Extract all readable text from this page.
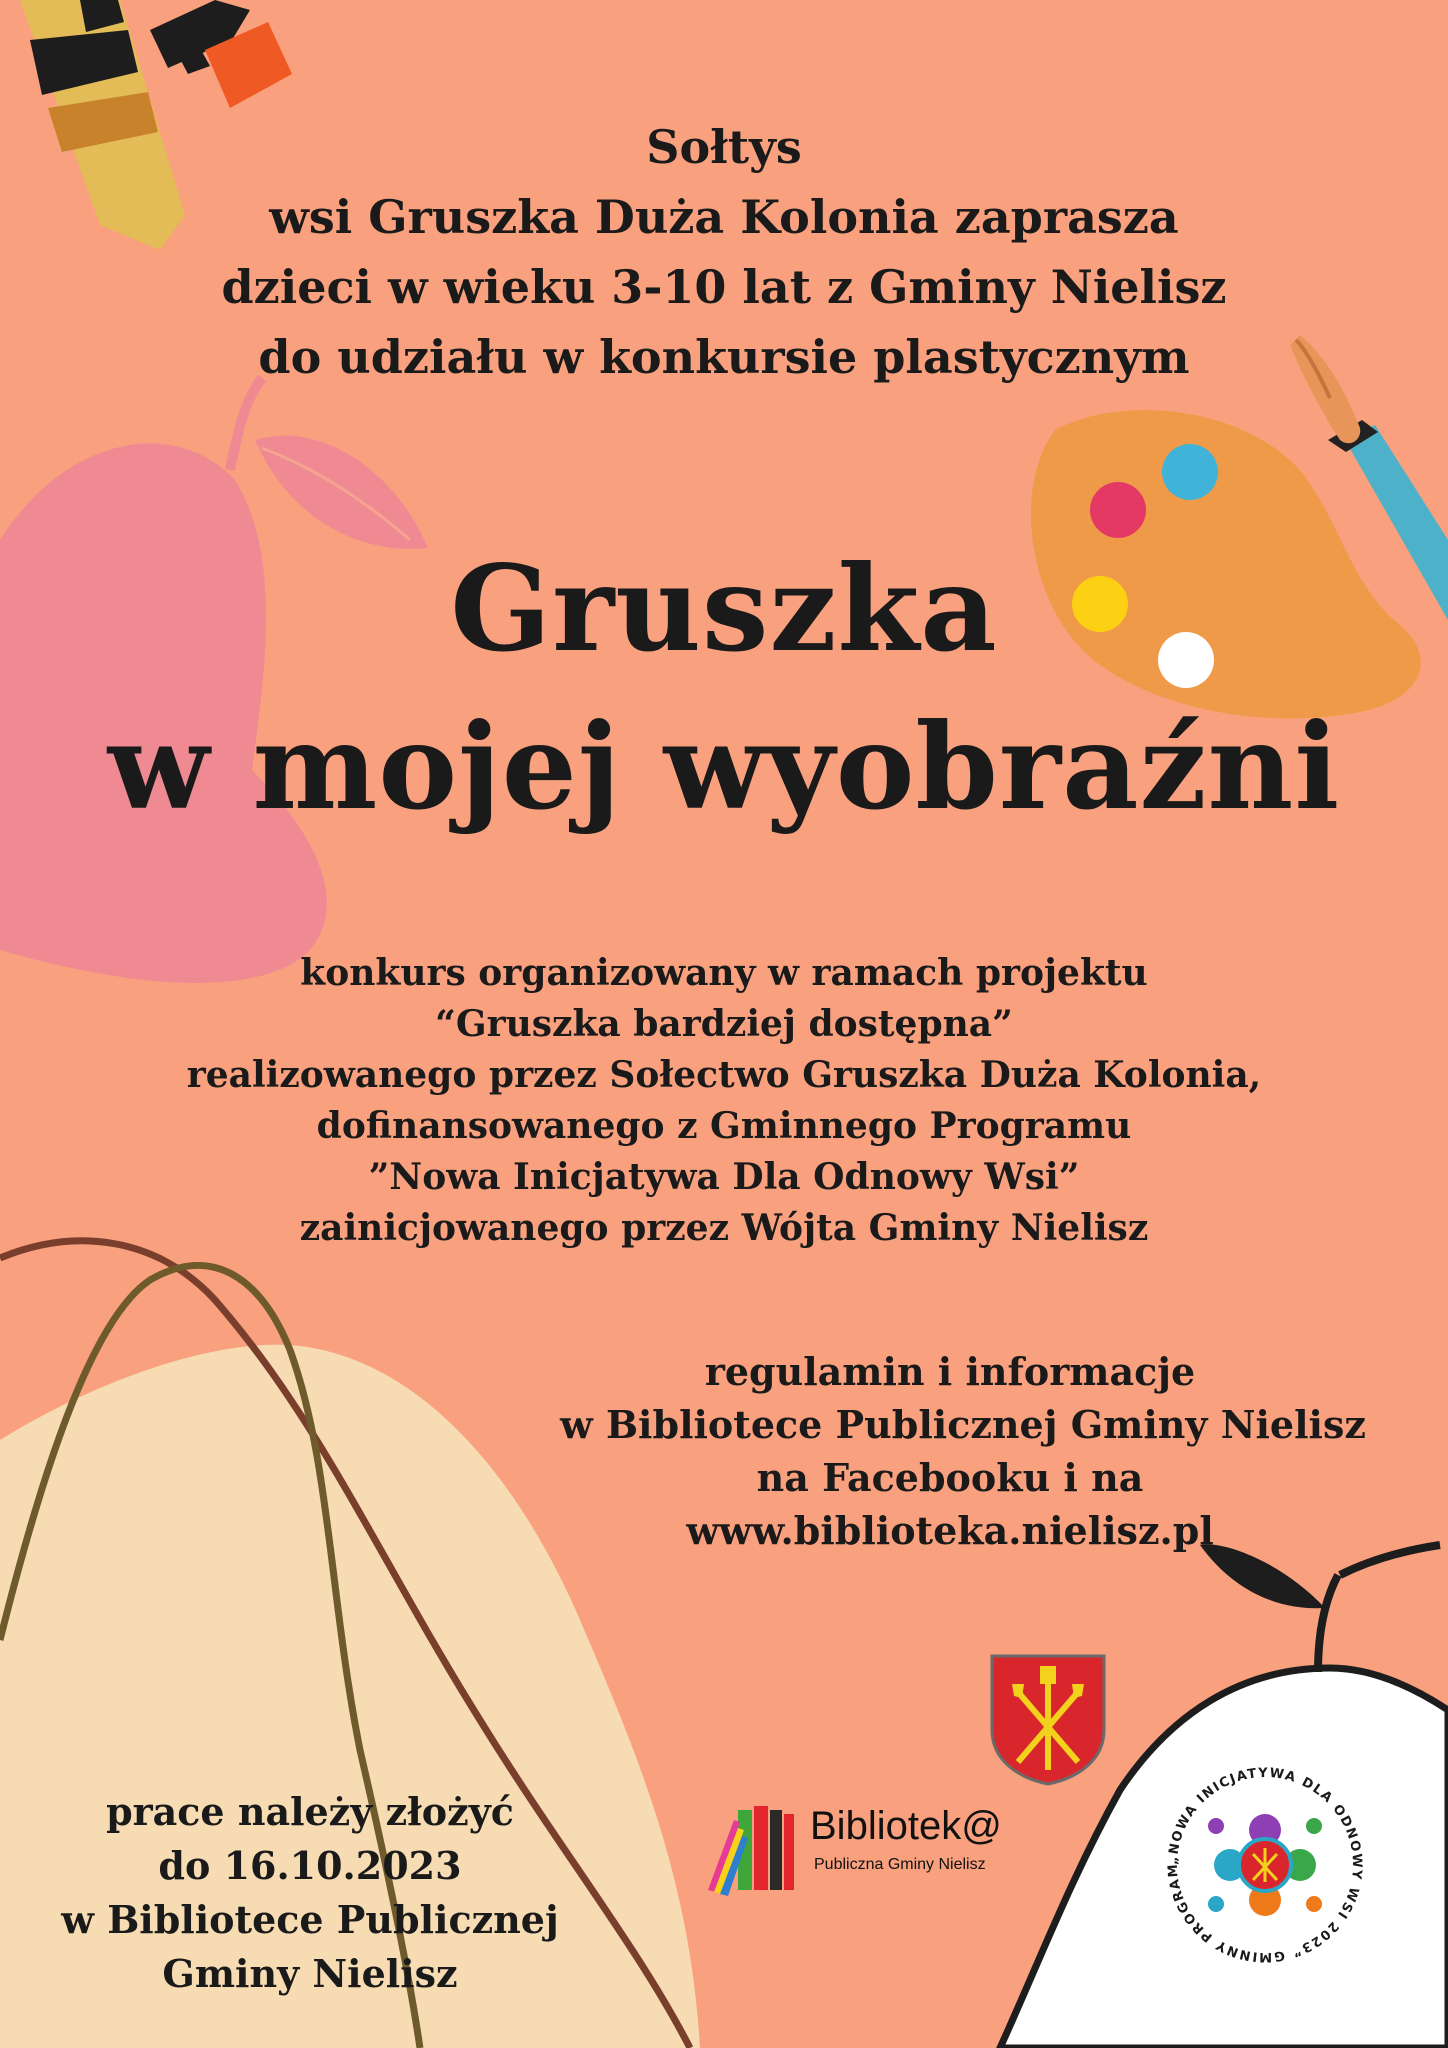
Sołtys
wsi Gruszka Duża Kolonia zaprasza
dzieci w wieku 3-10 lat z Gminy Nielisz
do udziału w konkursie plastycznym
Gruszka
w mojej wyobraźni
konkurs organizowany w ramach projektu
“Gruszka bardziej dostępna”
realizowanego przez Sołectwo Gruszka Duża Kolonia,
dofinansowanego z Gminnego Programu
”Nowa Inicjatywa Dla Odnowy Wsi”
zainicjowanego przez Wójta Gminy Nielisz
regulamin i informacje
w Bibliotece Publicznej Gminy Nielisz
na Facebooku i na
www.biblioteka.nielisz.pl
prace należy złożyć
do 16.10.2023
w Bibliotece Publicznej
Gminy Nielisz
Bibliotek@
Publiczna Gminy Nielisz	„NOWA INICJATYWA DLA ODNOWY WSI 2023” GMINNY PROGRAM
